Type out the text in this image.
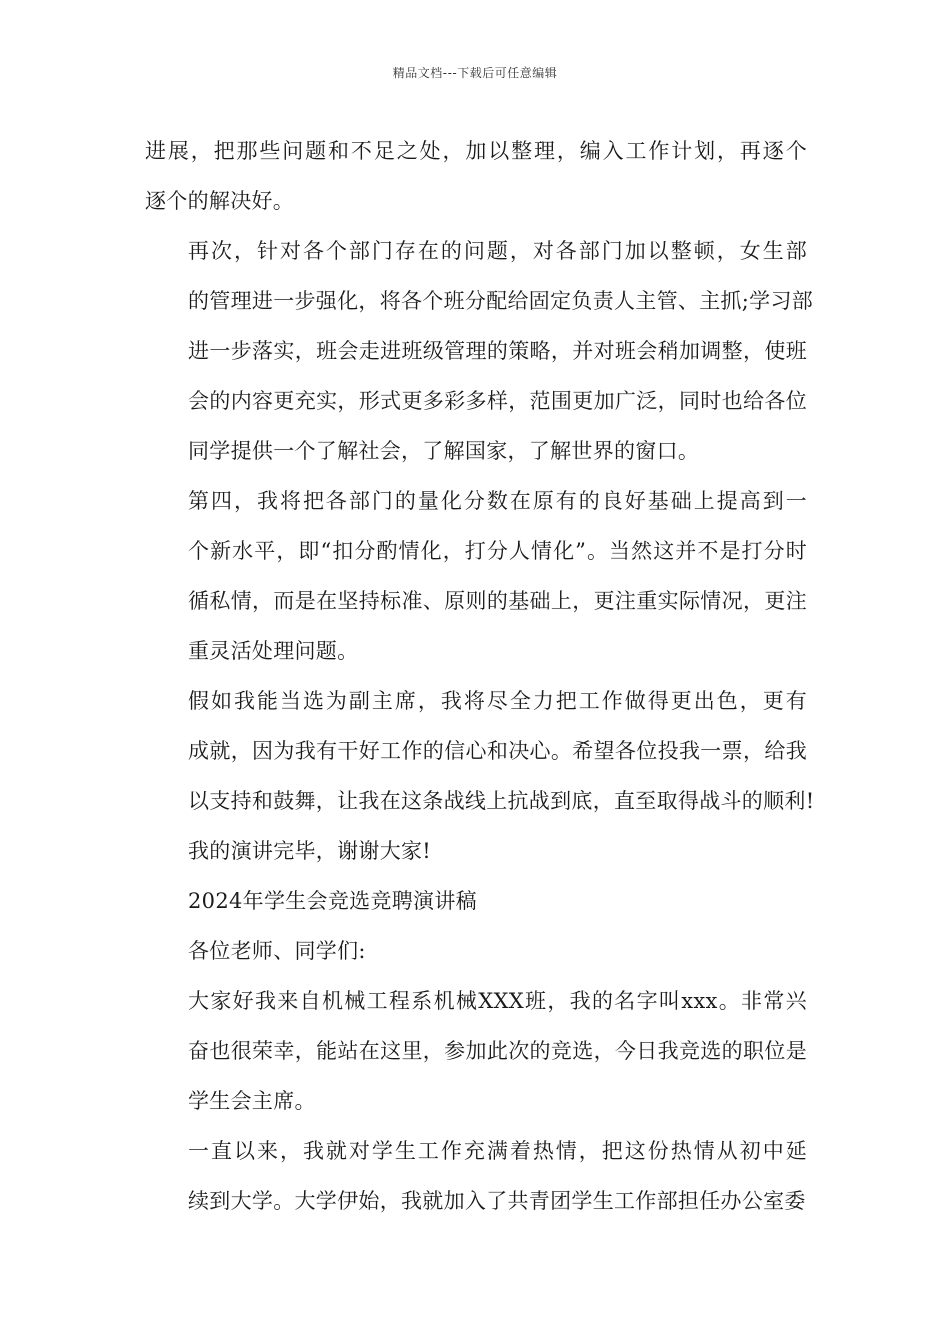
精品文档---下载后可任意编辑

进展，把那些问题和不足之处，加以整理，编入工作计划，再逐个
逐个的解决好。

再次，针对各个部门存在的问题，对各部门加以整顿，女生部
的管理进一步强化，将各个班分配给固定负责人主管、主抓;学习部
进一步落实，班会走进班级管理的策略，并对班会稍加调整，使班
会的内容更充实，形式更多彩多样，范围更加广泛，同时也给各位
同学提供一个了解社会，了解国家，了解世界的窗口。

第四，我将把各部门的量化分数在原有的良好基础上提高到一
个新水平，即“扣分酌情化，打分人情化”。当然这并不是打分时
循私情，而是在坚持标准、原则的基础上，更注重实际情况，更注
重灵活处理问题。

假如我能当选为副主席，我将尽全力把工作做得更出色，更有
成就，因为我有干好工作的信心和决心。希望各位投我一票，给我
以支持和鼓舞，让我在这条战线上抗战到底，直至取得战斗的顺利!
我的演讲完毕，谢谢大家!

2024年学生会竞选竞聘演讲稿

各位老师、同学们:

大家好我来自机械工程系机械XXX班，我的名字叫xxx。非常兴
奋也很荣幸，能站在这里，参加此次的竞选，今日我竞选的职位是
学生会主席。

一直以来，我就对学生工作充满着热情，把这份热情从初中延
续到大学。大学伊始，我就加入了共青团学生工作部担任办公室委
